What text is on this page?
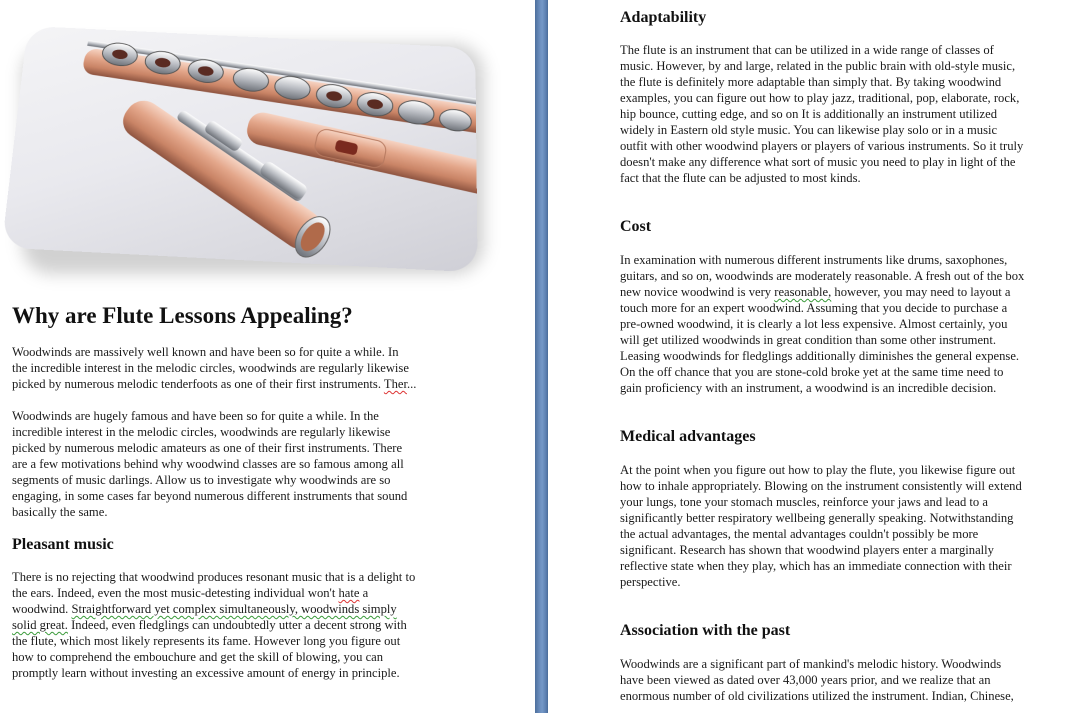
Why are Flute Lessons Appealing?
Woodwinds are massively well known and have been so for quite a while. In
the incredible interest in the melodic circles, woodwinds are regularly likewise
picked by numerous melodic tenderfoots as one of their first instruments. Ther...
Woodwinds are hugely famous and have been so for quite a while. In the
incredible interest in the melodic circles, woodwinds are regularly likewise
picked by numerous melodic amateurs as one of their first instruments. There
are a few motivations behind why woodwind classes are so famous among all
segments of music darlings. Allow us to investigate why woodwinds are so
engaging, in some cases far beyond numerous different instruments that sound
basically the same.
Pleasant music
There is no rejecting that woodwind produces resonant music that is a delight to
the ears. Indeed, even the most music-detesting individual won't hate a
woodwind. Straightforward yet complex simultaneously, woodwinds simply
solid great. Indeed, even fledglings can undoubtedly utter a decent strong with
the flute, which most likely represents its fame. However long you figure out
how to comprehend the embouchure and get the skill of blowing, you can
promptly learn without investing an excessive amount of energy in principle.
Adaptability
The flute is an instrument that can be utilized in a wide range of classes of
music. However, by and large, related in the public brain with old-style music,
the flute is definitely more adaptable than simply that. By taking woodwind
examples, you can figure out how to play jazz, traditional, pop, elaborate, rock,
hip bounce, cutting edge, and so on It is additionally an instrument utilized
widely in Eastern old style music. You can likewise play solo or in a music
outfit with other woodwind players or players of various instruments. So it truly
doesn't make any difference what sort of music you need to play in light of the
fact that the flute can be adjusted to most kinds.
Cost
In examination with numerous different instruments like drums, saxophones,
guitars, and so on, woodwinds are moderately reasonable. A fresh out of the box
new novice woodwind is very reasonable, however, you may need to layout a
touch more for an expert woodwind. Assuming that you decide to purchase a
pre-owned woodwind, it is clearly a lot less expensive. Almost certainly, you
will get utilized woodwinds in great condition than some other instrument.
Leasing woodwinds for fledglings additionally diminishes the general expense.
On the off chance that you are stone-cold broke yet at the same time need to
gain proficiency with an instrument, a woodwind is an incredible decision.
Medical advantages
At the point when you figure out how to play the flute, you likewise figure out
how to inhale appropriately. Blowing on the instrument consistently will extend
your lungs, tone your stomach muscles, reinforce your jaws and lead to a
significantly better respiratory wellbeing generally speaking. Notwithstanding
the actual advantages, the mental advantages couldn't possibly be more
significant. Research has shown that woodwind players enter a marginally
reflective state when they play, which has an immediate connection with their
perspective.
Association with the past
Woodwinds are a significant part of mankind's melodic history. Woodwinds
have been viewed as dated over 43,000 years prior, and we realize that an
enormous number of old civilizations utilized the instrument. Indian, Chinese,
